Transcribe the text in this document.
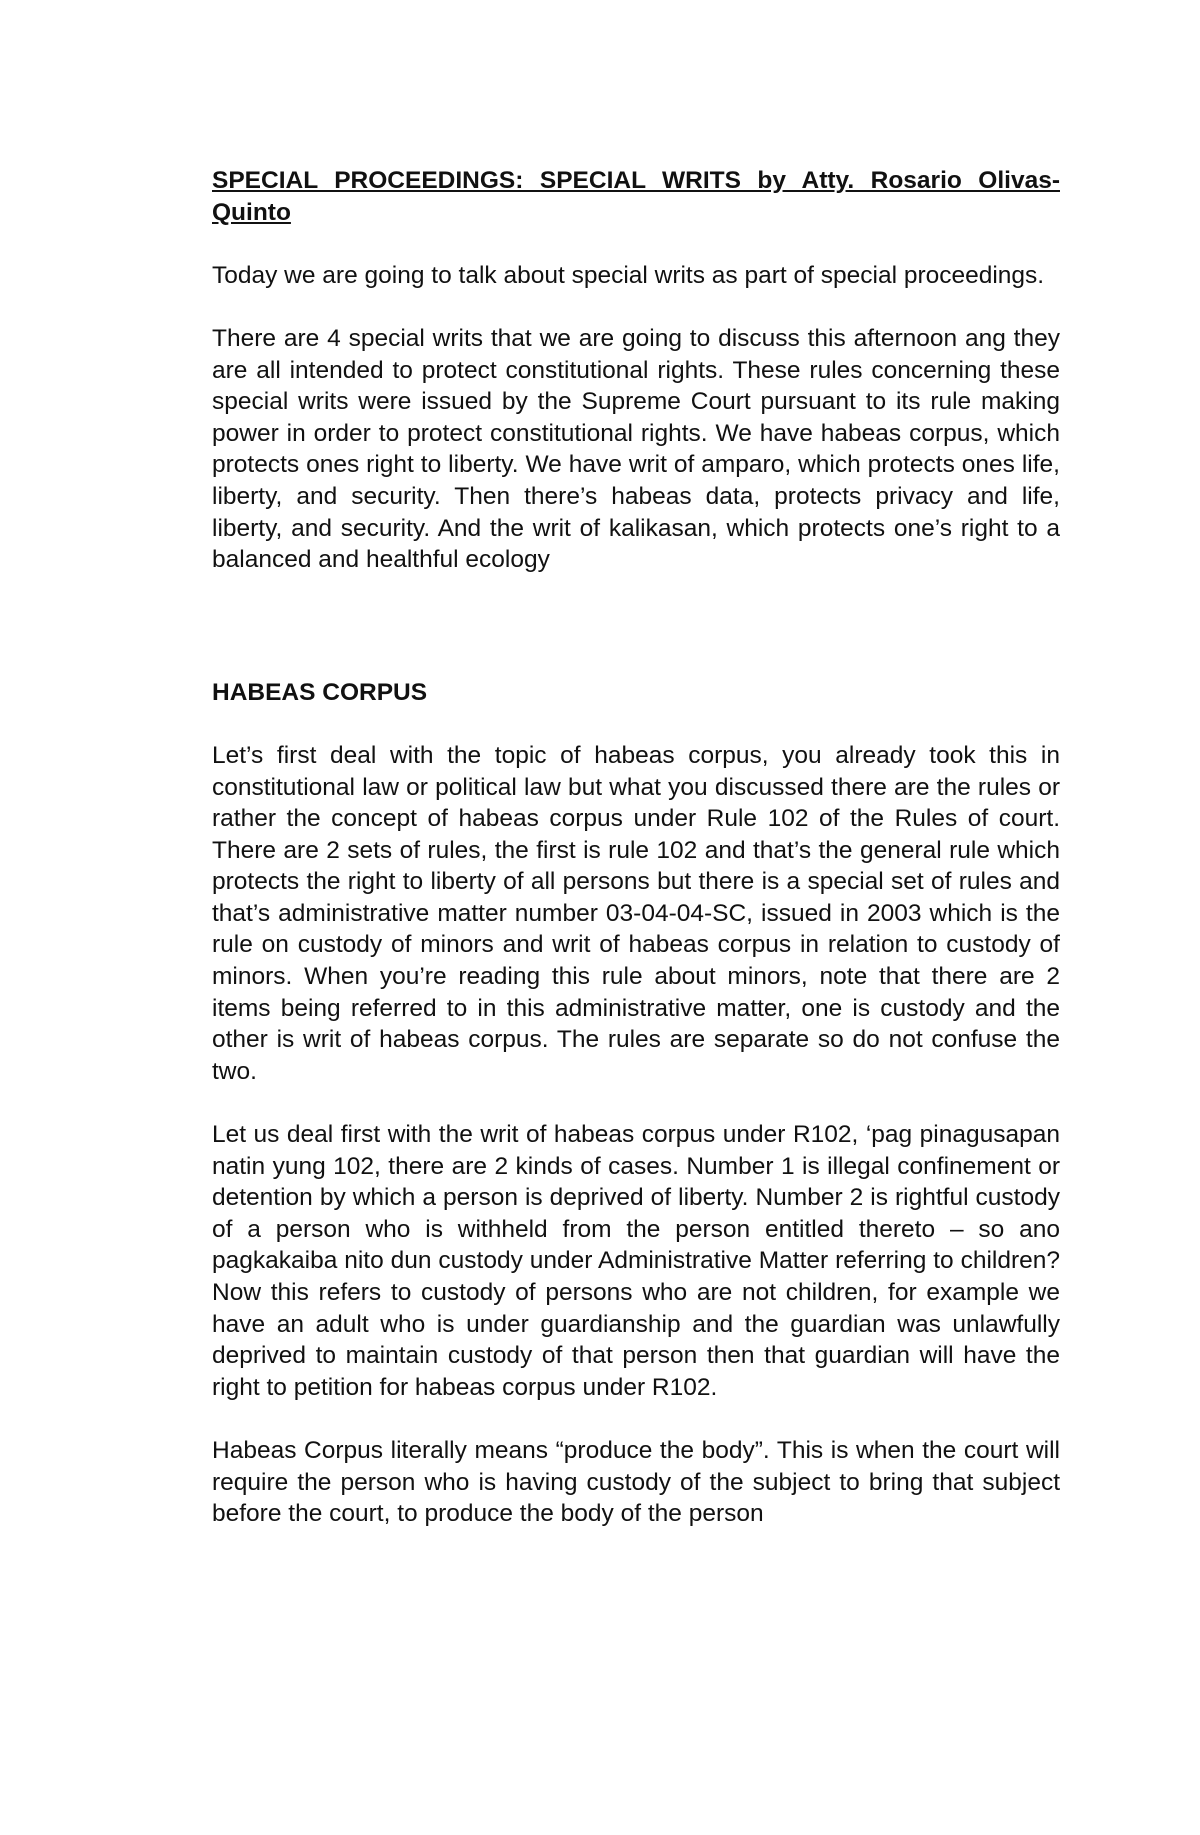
SPECIAL PROCEEDINGS: SPECIAL WRITS by Atty. Rosario Olivas-Quinto

Today we are going to talk about special writs as part of special proceedings.

There are 4 special writs that we are going to discuss this afternoon ang they are all intended to protect constitutional rights. These rules concerning these special writs were issued by the Supreme Court pursuant to its rule making power in order to protect constitutional rights. We have habeas corpus, which protects ones right to liberty. We have writ of amparo, which protects ones life, liberty, and security. Then there’s habeas data, protects privacy and life, liberty, and security. And the writ of kalikasan, which protects one’s right to a balanced and healthful ecology

HABEAS CORPUS

Let’s first deal with the topic of habeas corpus, you already took this in constitutional law or political law but what you discussed there are the rules or rather the concept of habeas corpus under Rule 102 of the Rules of court. There are 2 sets of rules, the first is rule 102 and that’s the general rule which protects the right to liberty of all persons but there is a special set of rules and that’s administrative matter number 03-04-04-SC, issued in 2003 which is the rule on custody of minors and writ of habeas corpus in relation to custody of minors. When you’re reading this rule about minors, note that there are 2 items being referred to in this administrative matter, one is custody and the other is writ of habeas corpus. The rules are separate so do not confuse the two.

Let us deal first with the writ of habeas corpus under R102, ‘pag pinagusapan natin yung 102, there are 2 kinds of cases. Number 1 is illegal confinement or detention by which a person is deprived of liberty. Number 2 is rightful custody of a person who is withheld from the person entitled thereto – so ano pagkakaiba nito dun custody under Administrative Matter referring to children? Now this refers to custody of persons who are not children, for example we have an adult who is under guardianship and the guardian was unlawfully deprived to maintain custody of that person then that guardian will have the right to petition for habeas corpus under R102.

Habeas Corpus literally means “produce the body”. This is when the court will require the person who is having custody of the subject to bring that subject before the court, to produce the body of the person
